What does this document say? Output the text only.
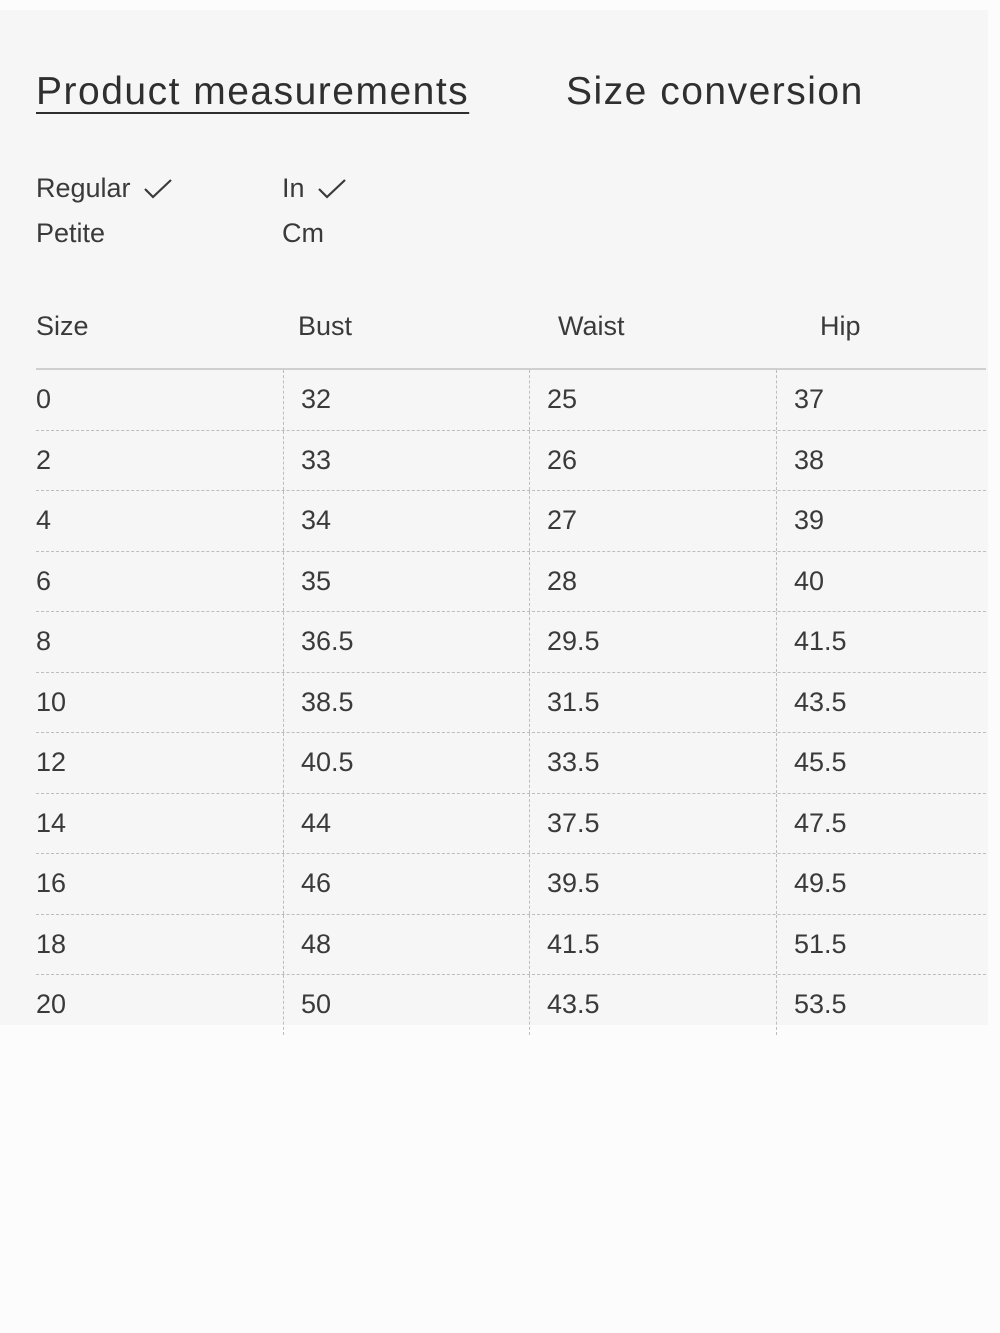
Product measurements Size conversion
Regular
Petite
In
Cm
Size	Bust	Waist	Hip
0	32	25	37
2	33	26	38
4	34	27	39
6	35	28	40
8	36.5	29.5	41.5
10	38.5	31.5	43.5
12	40.5	33.5	45.5
14	44	37.5	47.5
16	46	39.5	49.5
18	48	41.5	51.5
20	50	43.5	53.5
